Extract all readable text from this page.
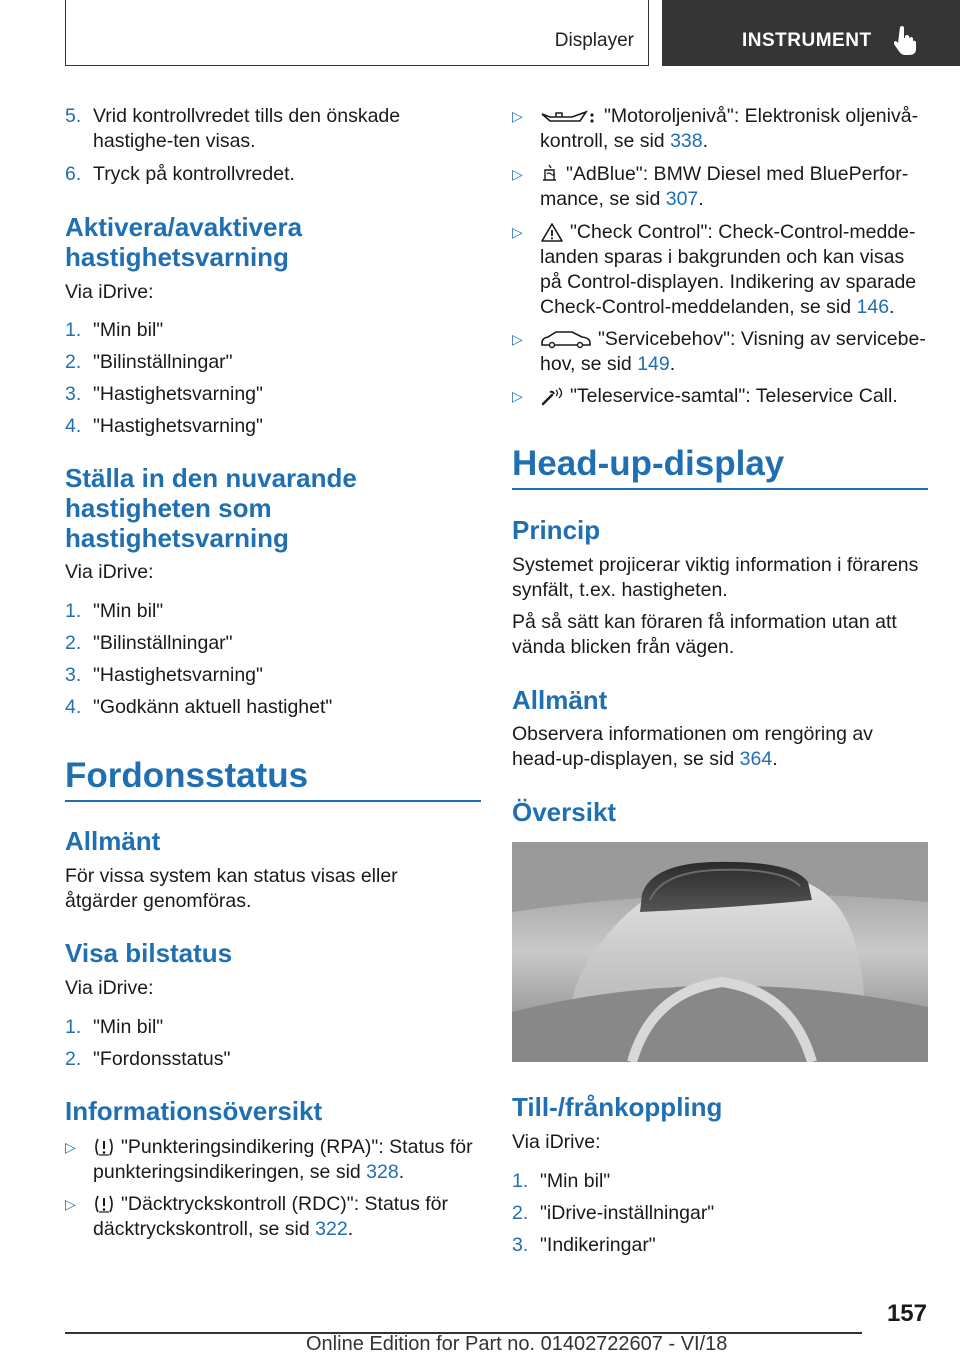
Displayer	INSTRUMENT
5. Vrid kontrollvredet tills den önskade hastighe-ten visas.
6. Tryck på kontrollvredet.
Aktivera/avaktivera hastighetsvarning
Via iDrive:
1. "Min bil"
2. "Bilinställningar"
3. "Hastighetsvarning"
4. "Hastighetsvarning"
Ställa in den nuvarande hastigheten som hastighetsvarning
Via iDrive:
1. "Min bil"
2. "Bilinställningar"
3. "Hastighetsvarning"
4. "Godkänn aktuell hastighet"
Fordonsstatus
Allmänt
För vissa system kan status visas eller åtgärder genomföras.
Visa bilstatus
Via iDrive:
1. "Min bil"
2. "Fordonsstatus"
Informationsöversikt
▷	"Punkteringsindikering (RPA)": Status för punkteringsindikeringen, se sid 328.
▷	"Däcktryckskontroll (RDC)": Status för däcktryckskontroll, se sid 322.
▷	"Motoroljenivå": Elektronisk oljenivå-kontroll, se sid 338.
▷	"AdBlue": BMW Diesel med BluePerfor-mance, se sid 307.
▷	"Check Control": Check-Control-medde-landen sparas i bakgrunden och kan visas på Control-displayen. Indikering av sparade Check-Control-meddelanden, se sid 146.
▷	"Servicebehov": Visning av servicebe-hov, se sid 149.
▷	"Teleservice-samtal": Teleservice Call.
Head-up-display
Princip
Systemet projicerar viktig information i förarens synfält, t.ex. hastigheten.
På så sätt kan föraren få information utan att vända blicken från vägen.
Allmänt
Observera informationen om rengöring av head-up-displayen, se sid 364.
Översikt
Till-/frånkoppling
Via iDrive:
1. "Min bil"
2. "iDrive-inställningar"
3. "Indikeringar"
157
Online Edition for Part no. 01402722607 - VI/18
